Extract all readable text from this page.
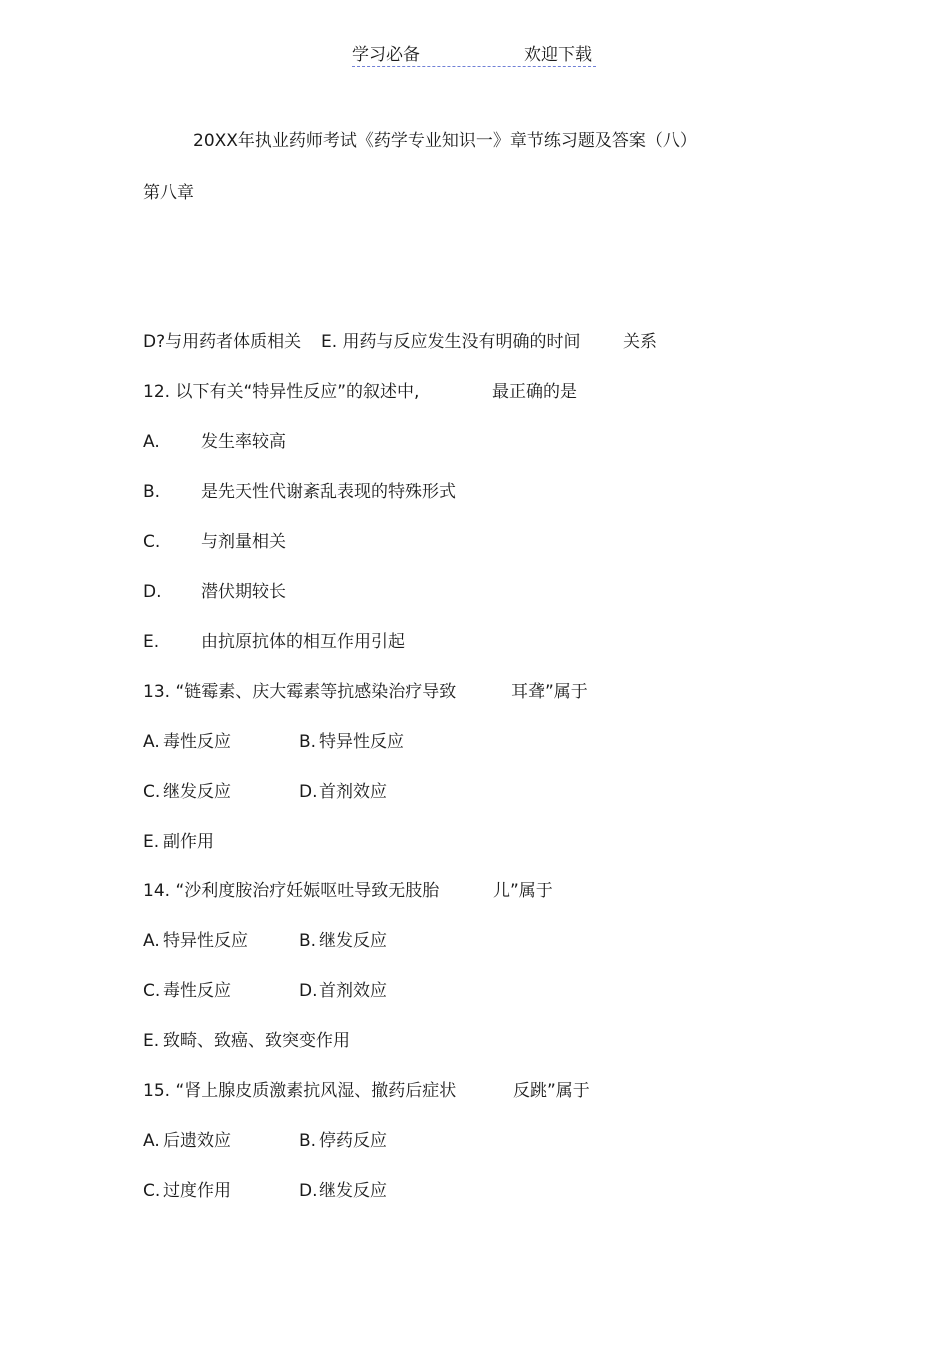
学习必备	欢迎下载
20XX年执业药师考试《药学专业知识一》章节练习题及答案（八）
第八章
D?与用药者体质相关 E. 用药与反应发生没有明确的时间 关系
12. 以下有关“特异性反应”的叙述中,	最正确的是
A. 发生率较高
B. 是先天性代谢紊乱表现的特殊形式
C. 与剂量相关
D. 潜伏期较长
E. 由抗原抗体的相互作用引起
13. “链霉素、庆大霉素等抗感染治疗导致	耳聋”属于
A. 毒性反应	B. 特异性反应
C. 继发反应	D.首剂效应
E. 副作用
14. “沙利度胺治疗妊娠呕吐导致无肢胎	儿”属于
A. 特异性反应	B. 继发反应
C. 毒性反应	D.首剂效应
E. 致畸、致癌、致突变作用
15. “肾上腺皮质激素抗风湿、撤药后症状	反跳”属于
A. 后遗效应	B. 停药反应
C. 过度作用	D.继发反应
